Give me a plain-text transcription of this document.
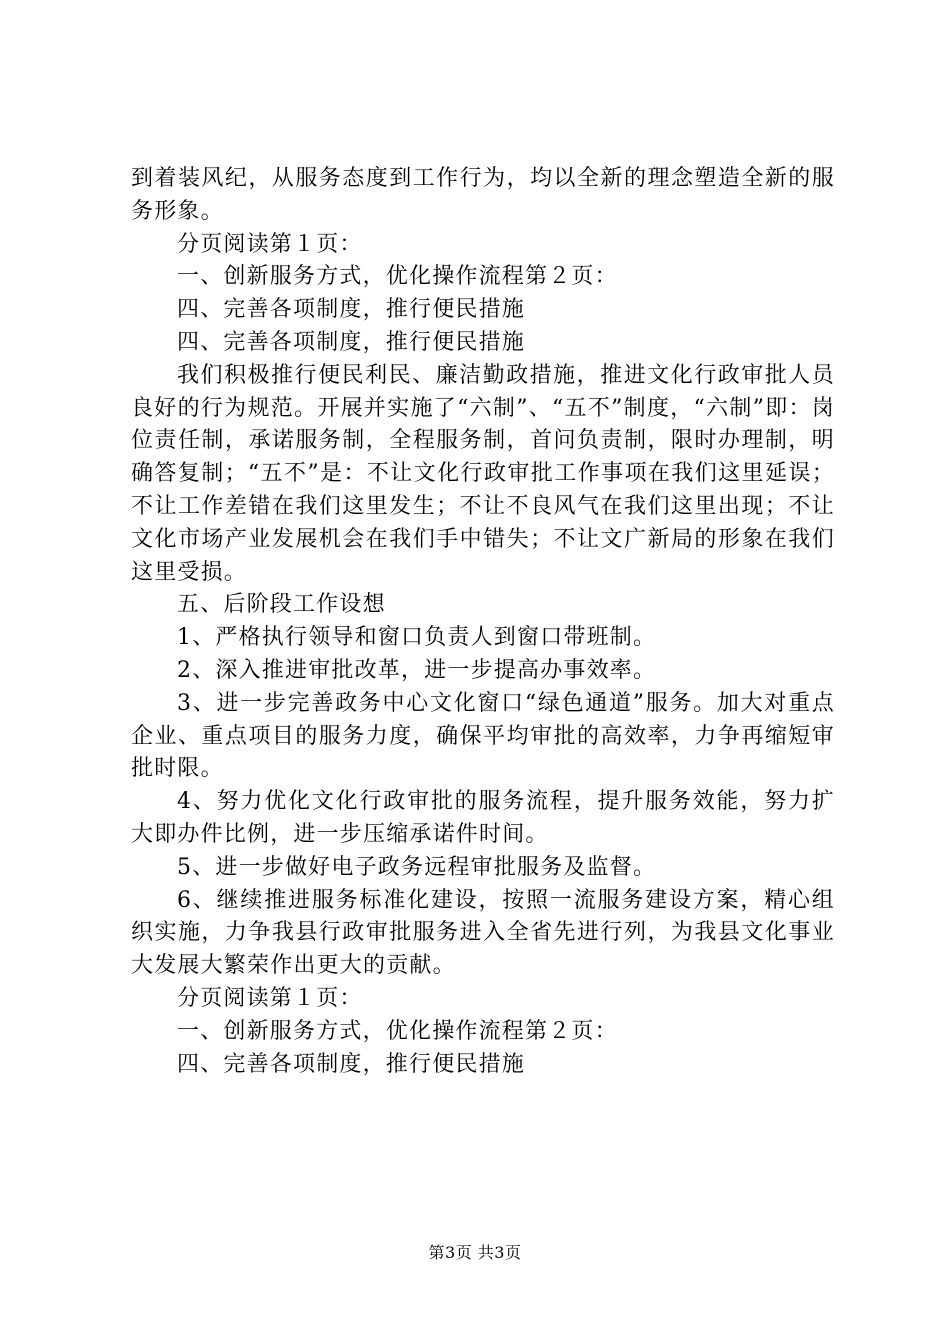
到着装风纪，从服务态度到工作行为，均以全新的理念塑造全新的服务形象。

分页阅读第１页：

一、创新服务方式，优化操作流程第２页：

四、完善各项制度，推行便民措施

四、完善各项制度，推行便民措施

我们积极推行便民利民、廉洁勤政措施，推进文化行政审批人员良好的行为规范。开展并实施了“六制”、“五不”制度，“六制”即：岗位责任制，承诺服务制，全程服务制，首问负责制，限时办理制，明确答复制；“五不”是：不让文化行政审批工作事项在我们这里延误；不让工作差错在我们这里发生；不让不良风气在我们这里出现；不让文化市场产业发展机会在我们手中错失；不让文广新局的形象在我们这里受损。

五、后阶段工作设想

1、严格执行领导和窗口负责人到窗口带班制。

2、深入推进审批改革，进一步提高办事效率。

3、进一步完善政务中心文化窗口“绿色通道”服务。加大对重点企业、重点项目的服务力度，确保平均审批的高效率，力争再缩短审批时限。

4、努力优化文化行政审批的服务流程，提升服务效能，努力扩大即办件比例，进一步压缩承诺件时间。

5、进一步做好电子政务远程审批服务及监督。

6、继续推进服务标准化建设，按照一流服务建设方案，精心组织实施，力争我县行政审批服务进入全省先进行列，为我县文化事业大发展大繁荣作出更大的贡献。

分页阅读第１页：

一、创新服务方式，优化操作流程第２页：

四、完善各项制度，推行便民措施

第3页 共3页
